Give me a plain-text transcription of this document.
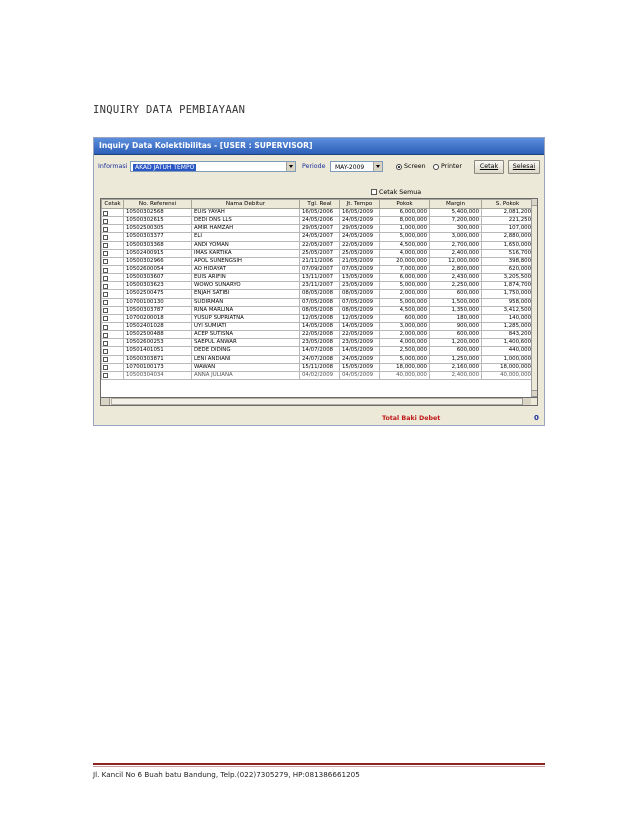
INQUIRY DATA PEMBIAYAAN
Inquiry Data Kolektibilitas - [USER : SUPERVISOR]
Informasi	AKAD JATUH TEMPO	Periode	MAY-2009	Screen Printer	Cetak	Selesai
Cetak Semua
Cetak	No. Referensi	Nama Debitur	Tgl. Real	Jt. Tempo	Pokok	Margin	S. Pokok

	10500302568	EUIS YAYAH	16/05/2006	16/05/2009	6,000,000	5,400,000	2,081,200

	10500302615	DEDI DNS LLS	24/05/2006	24/05/2009	8,000,000	7,200,000	221,250

	10502500305	AMIR HAMZAH	29/05/2007	29/05/2009	1,000,000	300,000	107,000

	10500303377	ELI	24/05/2007	24/05/2009	5,000,000	3,000,000	2,880,000

	10500303368	ANDI YOMAN	22/05/2007	22/05/2009	4,500,000	2,700,000	1,650,000

	10502400915	IMAS KARTIKA	25/05/2007	25/05/2009	4,000,000	2,400,000	516,700

	10500302966	APOL SUNENGSIH	21/11/2006	21/05/2009	20,000,000	12,000,000	398,800

	10502600054	AO HIDAYAT	07/09/2007	07/05/2009	7,000,000	2,800,000	620,000

	10500303607	EUIS ARIFIN	13/11/2007	13/05/2009	6,000,000	2,430,000	3,205,500

	10500303623	WOWO SUNARYO	23/11/2007	23/05/2009	5,000,000	2,250,000	1,874,700

	10502500475	ENJAH SATIBI	08/05/2008	08/05/2009	2,000,000	600,000	1,750,000

	10700100130	SUDIRMAN	07/05/2008	07/05/2009	5,000,000	1,500,000	958,000

	10500303787	RINA MARLINA	08/05/2008	08/05/2009	4,500,000	1,350,000	3,412,500

	10700200018	YUSUP SUPRIATNA	12/05/2008	12/05/2009	600,000	180,000	140,000

	10502401028	UYI SUMIATI	14/05/2008	14/05/2009	3,000,000	900,000	1,285,000

	10502500488	ACEP SUTISNA	22/05/2008	22/05/2009	2,000,000	600,000	843,200

	10502600253	SAEPUL ANWAR	23/05/2008	23/05/2009	4,000,000	1,200,000	1,400,600

	10501401051	DEDE DIDING	14/07/2008	14/05/2009	2,500,000	600,000	440,000

	10500303871	LENI ANDIANI	24/07/2008	24/05/2009	5,000,000	1,250,000	1,000,000

	10700100173	WAWAN	15/11/2008	15/05/2009	18,000,000	2,160,000	18,000,000

	10500304034	ANNA JULIANA	04/02/2009	04/05/2009	40,000,000	2,400,000	40,000,000
Total Baki Debet	0
Jl. Kancil No 6 Buah batu Bandung, Telp.(022)7305279, HP:081386661205
